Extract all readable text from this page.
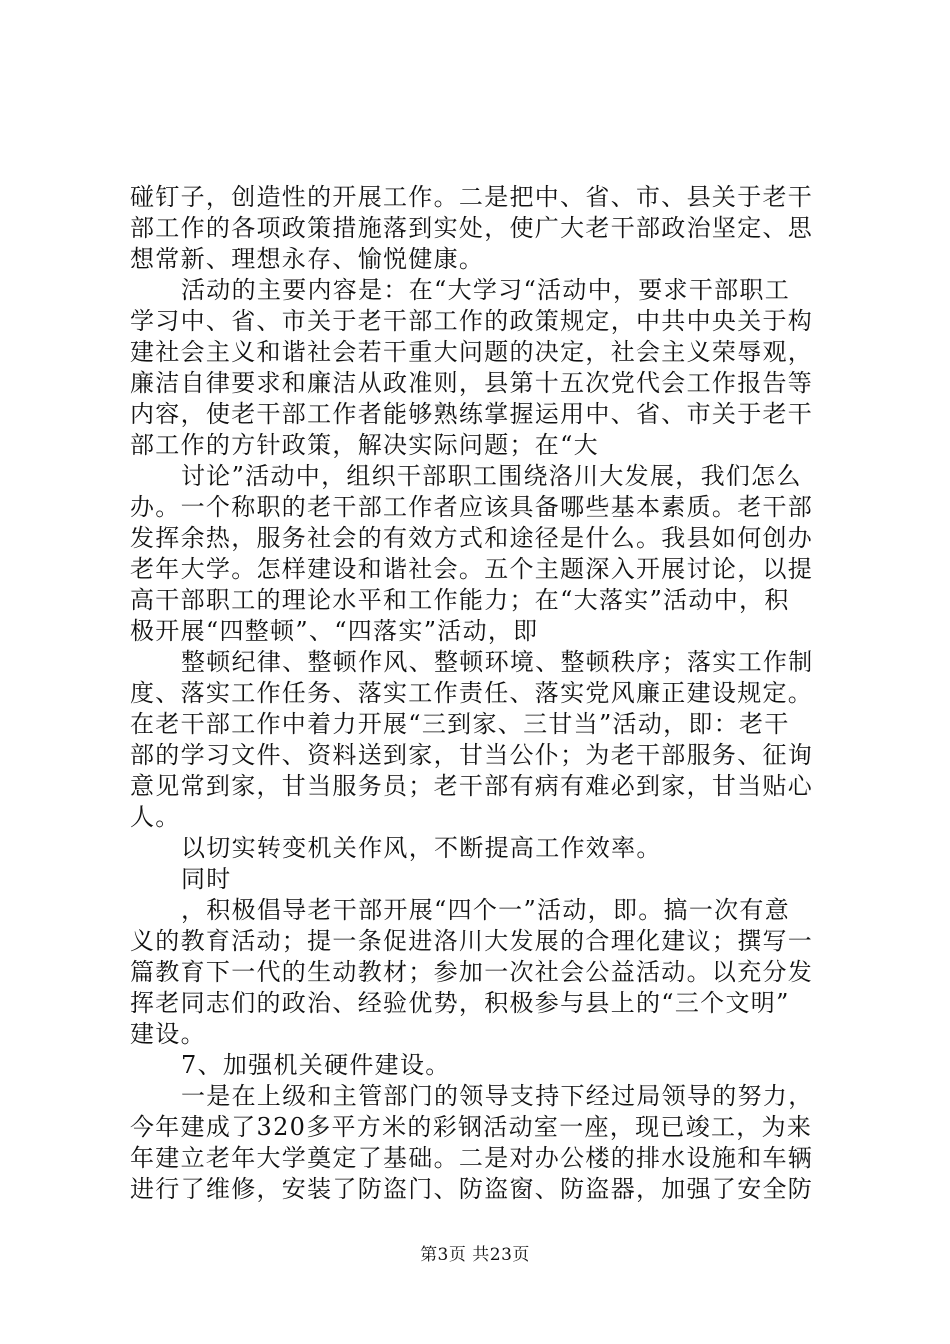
碰钉子，创造性的开展工作。二是把中、省、市、县关于老干
部工作的各项政策措施落到实处，使广大老干部政治坚定、思
想常新、理想永存、愉悦健康。
活动的主要内容是：在“大学习“活动中，要求干部职工
学习中、省、市关于老干部工作的政策规定，中共中央关于构
建社会主义和谐社会若干重大问题的决定，社会主义荣辱观，
廉洁自律要求和廉洁从政准则，县第十五次党代会工作报告等
内容，使老干部工作者能够熟练掌握运用中、省、市关于老干
部工作的方针政策，解决实际问题；在“大
讨论”活动中，组织干部职工围绕洛川大发展，我们怎么
办。一个称职的老干部工作者应该具备哪些基本素质。老干部
发挥余热，服务社会的有效方式和途径是什么。我县如何创办
老年大学。怎样建设和谐社会。五个主题深入开展讨论，以提
高干部职工的理论水平和工作能力；在“大落实”活动中，积
极开展“四整顿”、“四落实”活动，即
整顿纪律、整顿作风、整顿环境、整顿秩序；落实工作制
度、落实工作任务、落实工作责任、落实党风廉正建设规定。
在老干部工作中着力开展“三到家、三甘当”活动，即：老干
部的学习文件、资料送到家，甘当公仆；为老干部服务、征询
意见常到家，甘当服务员；老干部有病有难必到家，甘当贴心
人。
以切实转变机关作风，不断提高工作效率。
同时
，积极倡导老干部开展“四个一”活动，即。搞一次有意
义的教育活动；提一条促进洛川大发展的合理化建议；撰写一
篇教育下一代的生动教材；参加一次社会公益活动。以充分发
挥老同志们的政治、经验优势，积极参与县上的“三个文明”
建设。
7、加强机关硬件建设。
一是在上级和主管部门的领导支持下经过局领导的努力，
今年建成了320多平方米的彩钢活动室一座，现已竣工，为来
年建立老年大学奠定了基础。二是对办公楼的排水设施和车辆
进行了维修，安装了防盗门、防盗窗、防盗器，加强了安全防
第3页 共23页
